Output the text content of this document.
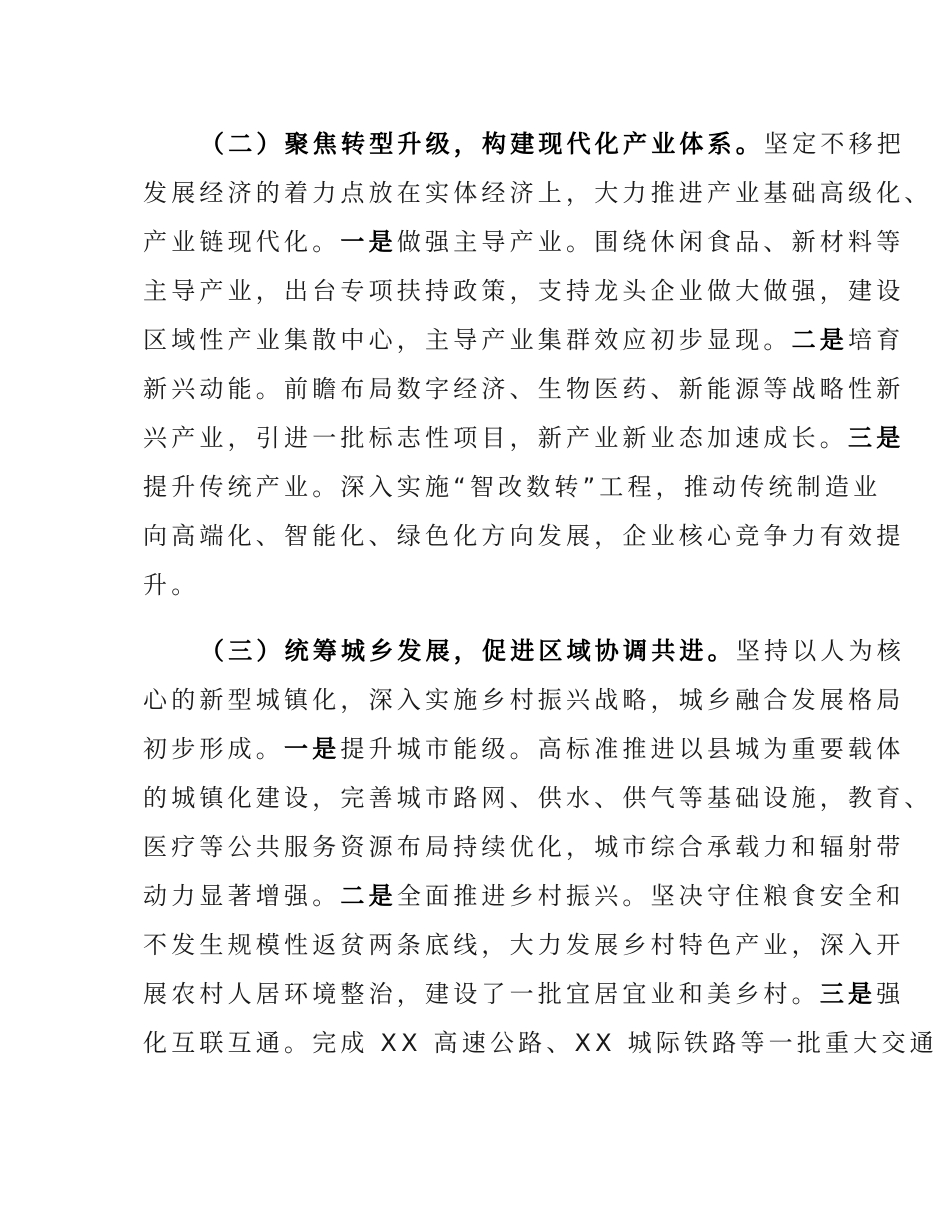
（二）聚焦转型升级，构建现代化产业体系。坚定不移把
发展经济的着力点放在实体经济上，大力推进产业基础高级化、
产业链现代化。一是做强主导产业。围绕休闲食品、新材料等
主导产业，出台专项扶持政策，支持龙头企业做大做强，建设
区域性产业集散中心，主导产业集群效应初步显现。二是培育
新兴动能。前瞻布局数字经济、生物医药、新能源等战略性新
兴产业，引进一批标志性项目，新产业新业态加速成长。三是
提升传统产业。深入实施“智改数转”工程，推动传统制造业
向高端化、智能化、绿色化方向发展，企业核心竞争力有效提
升。
（三）统筹城乡发展，促进区域协调共进。坚持以人为核
心的新型城镇化，深入实施乡村振兴战略，城乡融合发展格局
初步形成。一是提升城市能级。高标准推进以县城为重要载体
的城镇化建设，完善城市路网、供水、供气等基础设施，教育、
医疗等公共服务资源布局持续优化，城市综合承载力和辐射带
动力显著增强。二是全面推进乡村振兴。坚决守住粮食安全和
不发生规模性返贫两条底线，大力发展乡村特色产业，深入开
展农村人居环境整治，建设了一批宜居宜业和美乡村。三是强
化互联互通。完成 XX 高速公路、XX 城际铁路等一批重大交通
